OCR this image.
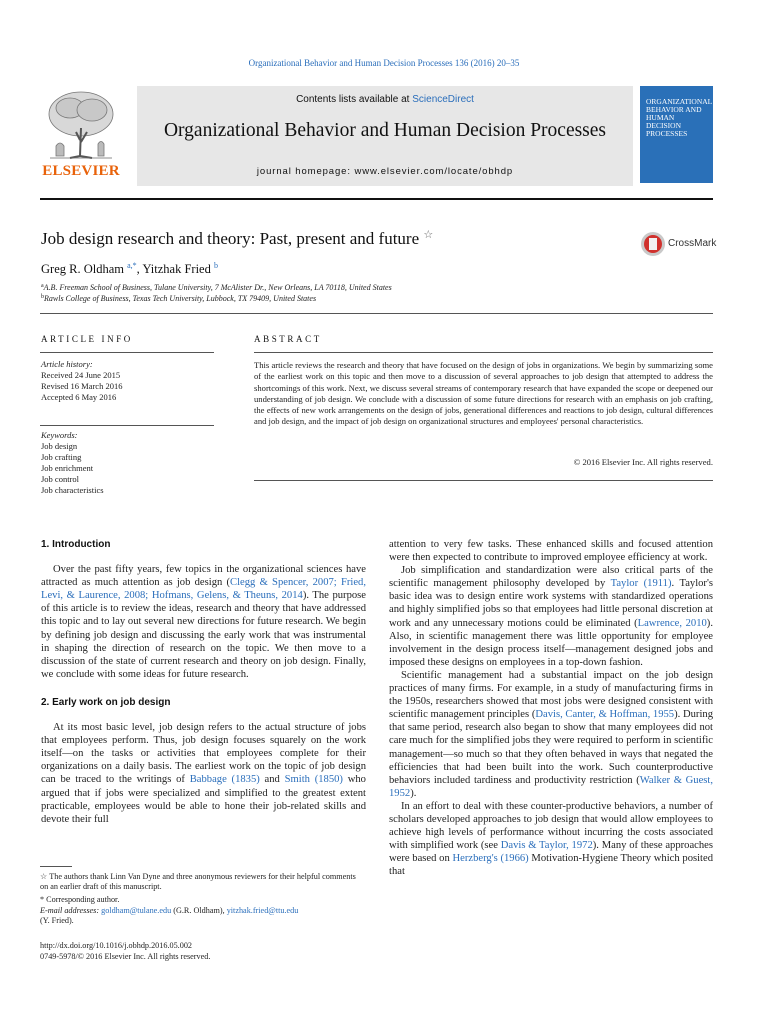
Organizational Behavior and Human Decision Processes 136 (2016) 20–35
ELSEVIER
Contents lists available at ScienceDirect
Organizational Behavior and Human Decision Processes
journal homepage: www.elsevier.com/locate/obhdp
ORGANIZATIONAL BEHAVIOR AND HUMAN DECISION PROCESSES
Job design research and theory: Past, present and future ☆
CrossMark
Greg R. Oldham $^{a,*}$, Yitzhak Fried $^b$
$^a$A.B. Freeman School of Business, Tulane University, 7 McAlister Dr., New Orleans, LA 70118, United States
$^b$Rawls College of Business, Texas Tech University, Lubbock, TX 79409, United States
ARTICLE INFO
Article history:
Received 24 June 2015
Revised 16 March 2016
Accepted 6 May 2016
Keywords:
Job design
Job crafting
Job enrichment
Job control
Job characteristics
ABSTRACT
This article reviews the research and theory that have focused on the design of jobs in organizations. We begin by summarizing some of the earliest work on this topic and then move to a discussion of several approaches to job design that attempted to address the shortcomings of this work. Next, we discuss several streams of contemporary research that have expanded the scope or deepened our understanding of job design. We conclude with a discussion of some future directions for research with an emphasis on job crafting, the effects of new work arrangements on the design of jobs, generational differences and reactions to job design, cultural differences and job design, and the impact of job design on organizational structures and employees' personal characteristics.
© 2016 Elsevier Inc. All rights reserved.
1. Introduction

Over the past fifty years, few topics in the organizational sciences have attracted as much attention as job design (Clegg & Spencer, 2007; Fried, Levi, & Laurence, 2008; Hofmans, Gelens, & Theuns, 2014). The purpose of this article is to review the ideas, research and theory that have addressed this topic and to lay out several new directions for future research. We begin by defining job design and discussing the early work that was instrumental in shaping the direction of research on the topic. We then move to a discussion of the state of current research and theory on job design. Finally, we conclude with some ideas for future research.

2. Early work on job design

At its most basic level, job design refers to the actual structure of jobs that employees perform. Thus, job design focuses squarely on the work itself—on the tasks or activities that employees complete for their organizations on a daily basis. The earliest work on the topic of job design can be traced to the writings of Babbage (1835) and Smith (1850) who argued that if jobs were specialized and simplified to the greatest extent practicable, employees would be able to hone their job-related skills and devote their full

attention to very few tasks. These enhanced skills and focused attention were then expected to contribute to improved employee efficiency at work.

Job simplification and standardization were also critical parts of the scientific management philosophy developed by Taylor (1911). Taylor's basic idea was to design entire work systems with standardized operations and highly simplified jobs so that employees had little personal discretion at work and any unnecessary motions could be eliminated (Lawrence, 2010). Also, in scientific management there was little opportunity for employee involvement in the design process itself—management designed jobs and imposed these designs on employees in a top-down fashion.

Scientific management had a substantial impact on the job design practices of many firms. For example, in a study of manufacturing firms in the 1950s, researchers showed that most jobs were designed consistent with scientific management principles (Davis, Canter, & Hoffman, 1955). During that same period, research also began to show that many employees did not care much for the simplified jobs they were required to perform in scientific management—so much so that they often behaved in ways that negated the efficiencies that had been built into the work. Such counterproductive behaviors included tardiness and productivity restriction (Walker & Guest, 1952).

In an effort to deal with these counter-productive behaviors, a number of scholars developed approaches to job design that would allow employees to achieve high levels of performance without incurring the costs associated with simplified work (see Davis & Taylor, 1972). Many of these approaches were based on Herzberg's (1966) Motivation-Hygiene Theory which posited that

☆ The authors thank Linn Van Dyne and three anonymous reviewers for their helpful comments on an earlier draft of this manuscript.
* Corresponding author.
E-mail addresses: goldham@tulane.edu (G.R. Oldham), yitzhak.fried@ttu.edu
(Y. Fried).
http://dx.doi.org/10.1016/j.obhdp.2016.05.002
0749-5978/© 2016 Elsevier Inc. All rights reserved.
